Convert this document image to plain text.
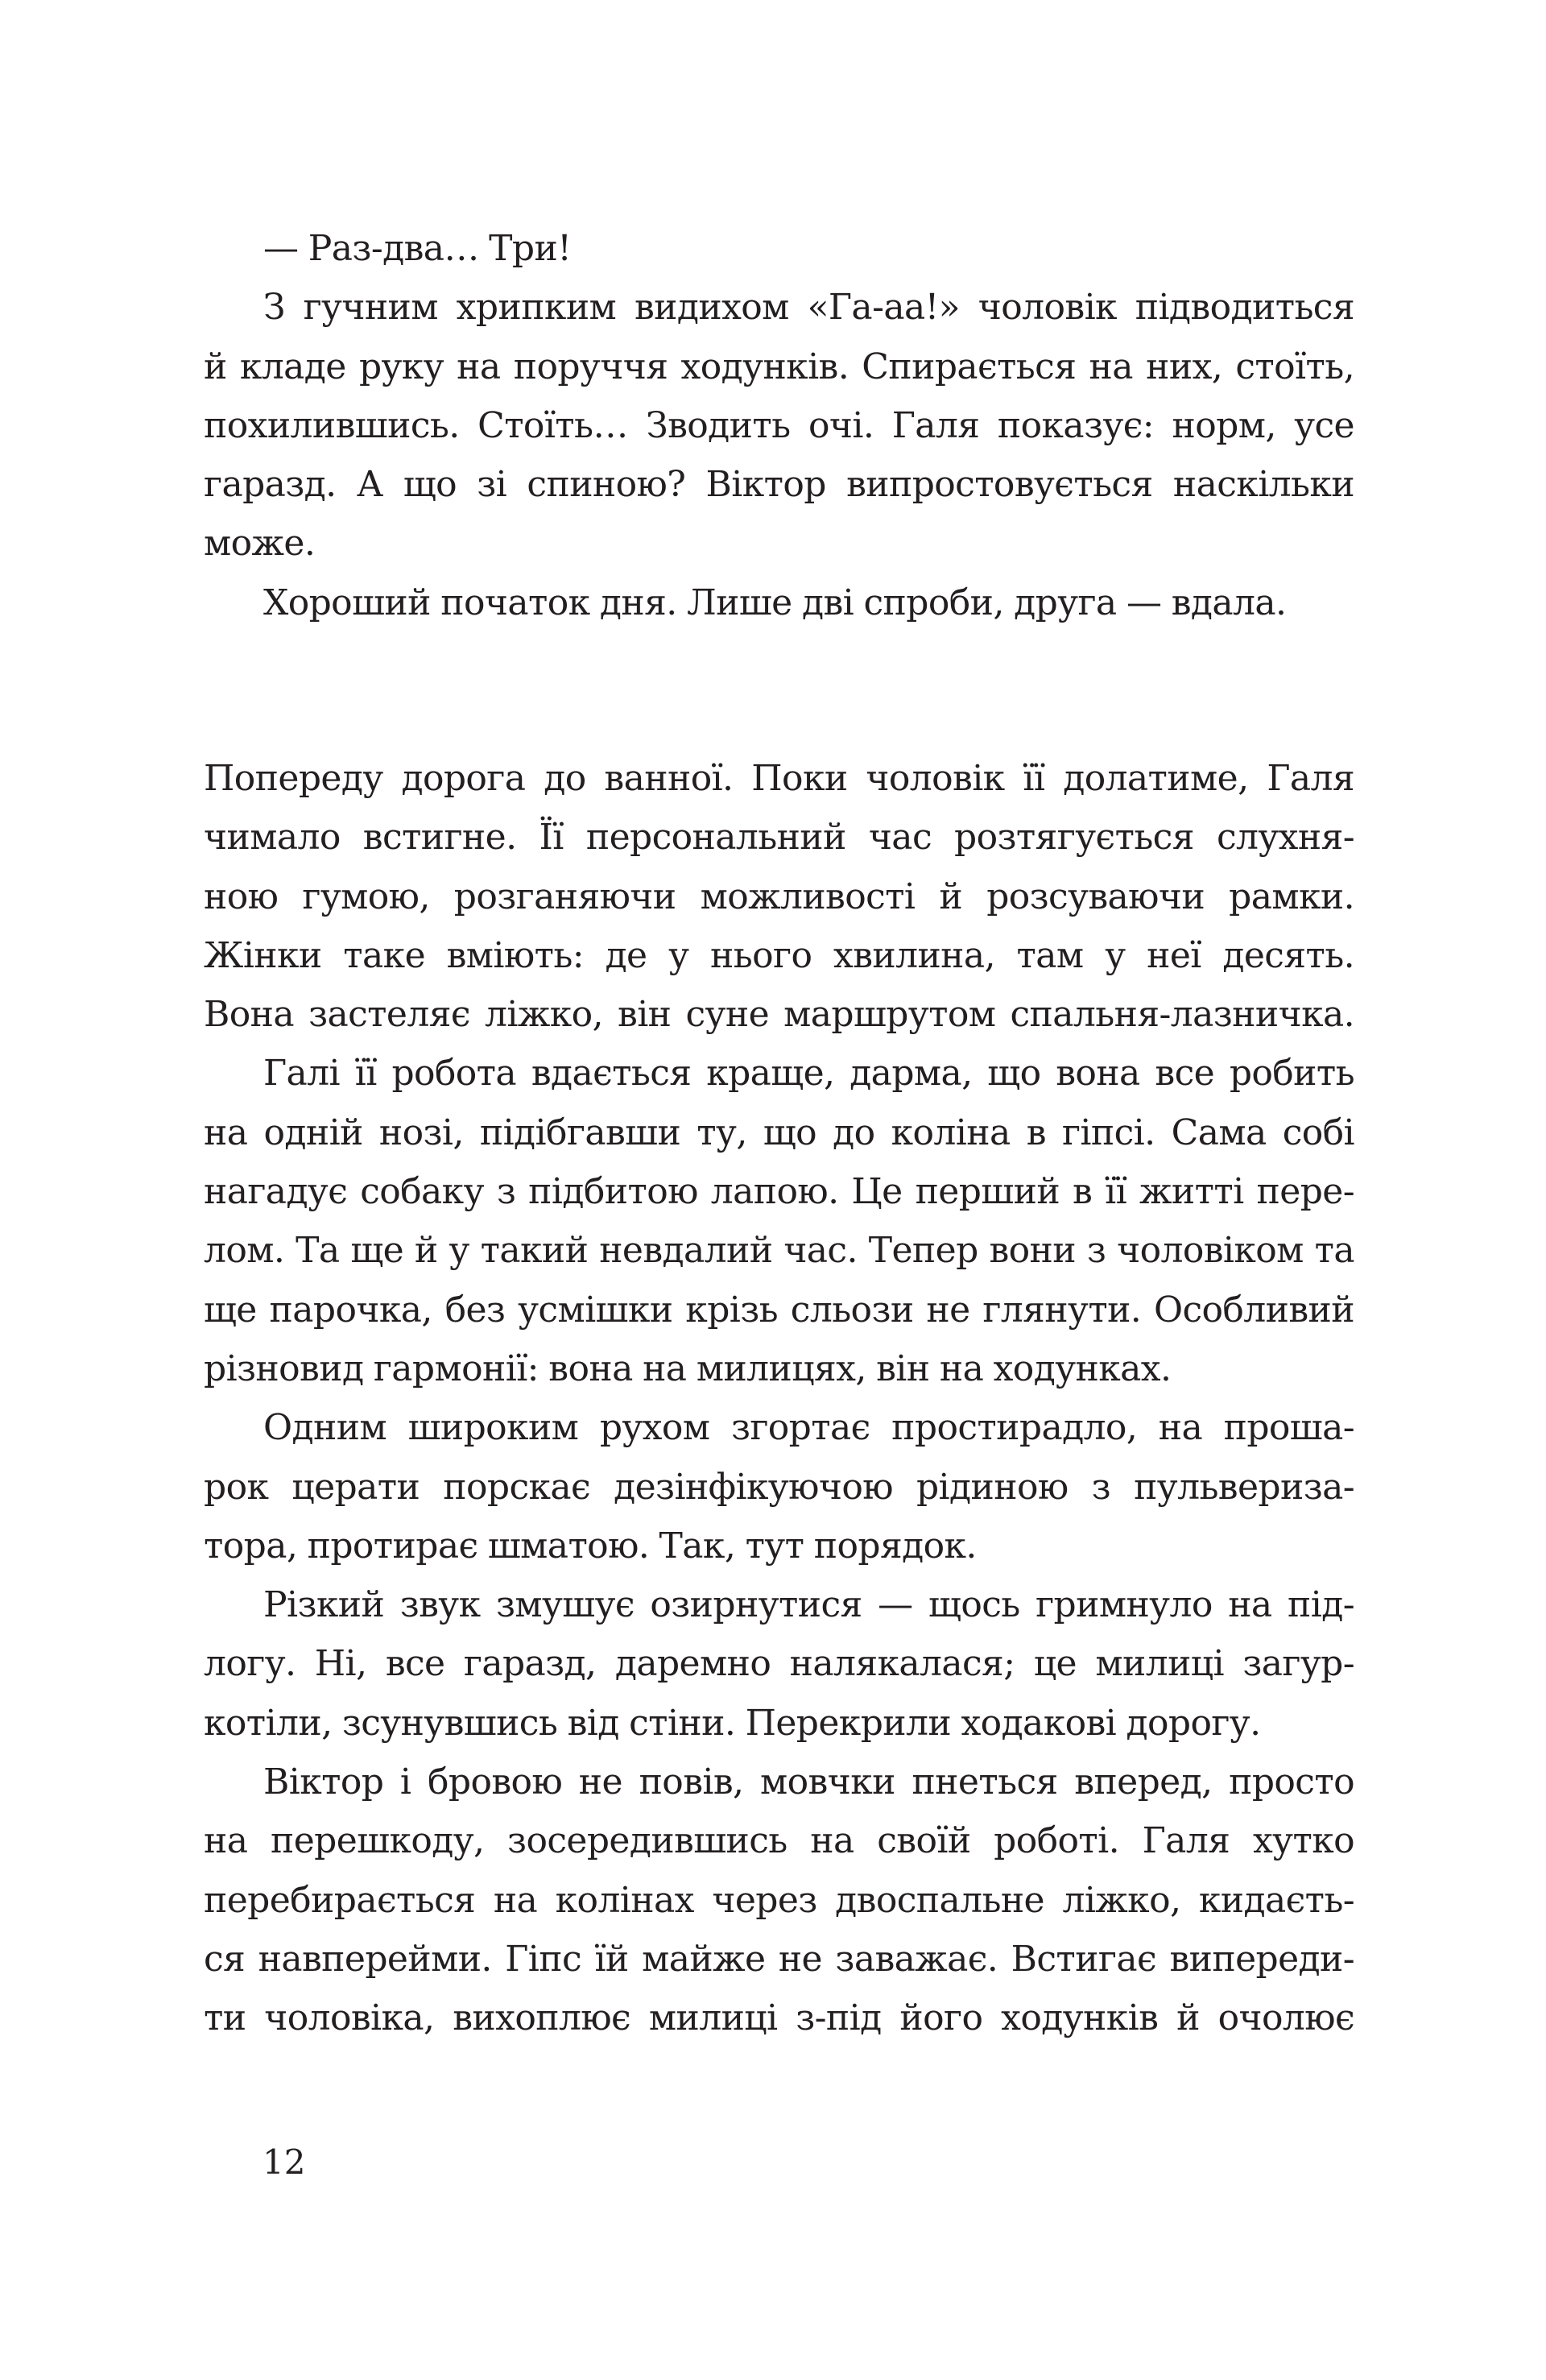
— Раз-два… Три!
З гучним хрипким видихом «Га-аа!» чоловік підводиться
й кладе руку на поруччя ходунків. Спирається на них, стоїть,
похилившись. Стоїть… Зводить очі. Галя показує: норм, усе
гаразд. А що зі спиною? Віктор випростовується наскільки
може.
Хороший початок дня. Лише дві спроби, друга — вдала.
Попереду дорога до ванної. Поки чоловік її долатиме, Галя
чимало встигне. Її персональний час розтягується слухня-
ною гумою, розганяючи можливості й розсуваючи рамки.
Жінки таке вміють: де у нього хвилина, там у неї десять.
Вона застеляє ліжко, він суне маршрутом спальня-лазничка.
Галі її робота вдається краще, дарма, що вона все робить
на одній нозі, підібгавши ту, що до коліна в гіпсі. Сама собі
нагадує собаку з підбитою лапою. Це перший в її житті пере-
лом. Та ще й у такий невдалий час. Тепер вони з чоловіком та
ще парочка, без усмішки крізь сльози не глянути. Особливий
різновид гармонії: вона на милицях, він на ходунках.
Одним широким рухом згортає простирадло, на проша-
рок церати порскає дезінфікуючою рідиною з пульвериза-
тора, протирає шматою. Так, тут порядок.
Різкий звук змушує озирнутися — щось гримнуло на під-
логу. Ні, все гаразд, даремно налякалася; це милиці загур-
котіли, зсунувшись від стіни. Перекрили ходакові дорогу.
Віктор і бровою не повів, мовчки пнеться вперед, просто
на перешкоду, зосередившись на своїй роботі. Галя хутко
перебирається на колінах через двоспальне ліжко, кидаєть-
ся навперейми. Гіпс їй майже не заважає. Встигає випереди-
ти чоловіка, вихоплює милиці з-під його ходунків й очолює
12
